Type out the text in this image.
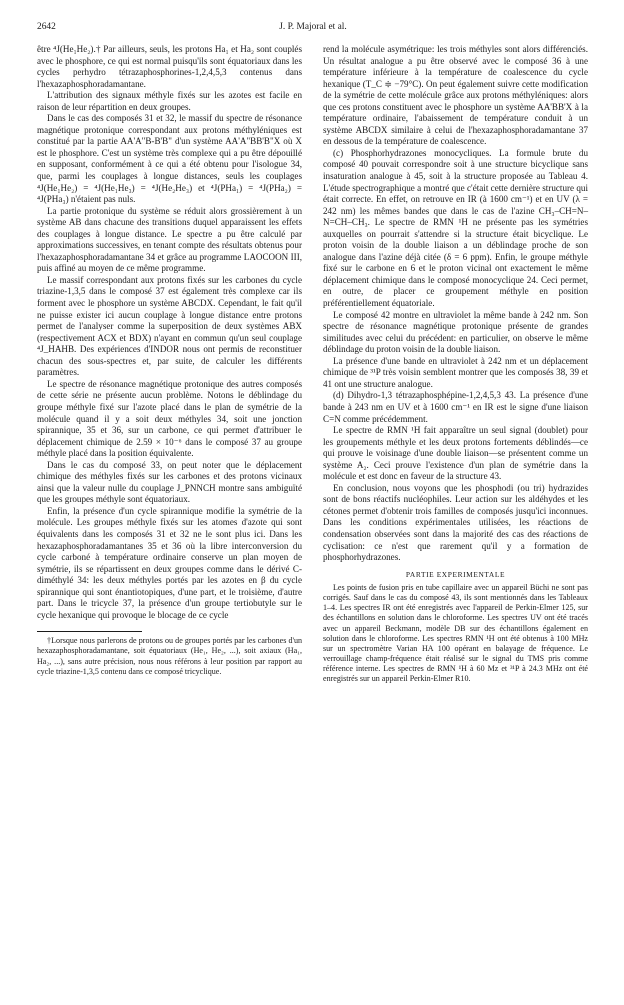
2642	J. P. Majoral et al.

être ⁴J(He₁He₂).† Par ailleurs, seuls, les protons Ha₁ et Ha₂ sont couplés avec le phosphore, ce qui est normal puisqu'ils sont équatoriaux dans les cycles perhydro tétrazaphosphorines-1,2,4,5,3 contenus dans l'hexazaphosphoradamantane.

L'attribution des signaux méthyle fixés sur les azotes est facile en raison de leur répartition en deux groupes.

Dans le cas des composés 31 et 32, le massif du spectre de résonance magnétique protonique correspondant aux protons méthyléniques est constitué par la partie AA'A"B-B'B" d'un système AA'A"BB'B"X où X est le phosphore. C'est un système très complexe qui a pu être dépouillé en supposant, conformément à ce qui a été obtenu pour l'isologue 34, que, parmi les couplages à longue distances, seuls les couplages ⁴J(He₁He₂) = ⁴J(He₁He₃) = ⁴J(He₂He₃) et ⁴J(PHa₁) = ⁴J(PHa₂) = ⁴J(PHa₃) n'étaient pas nuls.

La partie protonique du système se réduit alors grossièrement à un système AB dans chacune des transitions duquel apparaissent les effets des couplages à longue distance. Le spectre a pu être calculé par approximations successives, en tenant compte des résultats obtenus pour l'hexazaphosphoradamantane 34 et grâce au programme LAOCOON III, puis affiné au moyen de ce même programme.

Le massif correspondant aux protons fixés sur les carbones du cycle triazine-1,3,5 dans le composé 37 est également très complexe car ils forment avec le phosphore un système ABCDX. Cependant, le fait qu'il ne puisse exister ici aucun couplage à longue distance entre protons permet de l'analyser comme la superposition de deux systèmes ABX (respectivement ACX et BDX) n'ayant en commun qu'un seul couplage ⁴J_HAHB. Des expériences d'INDOR nous ont permis de reconstituer chacun des sous-spectres et, par suite, de calculer les différents paramètres.

Le spectre de résonance magnétique protonique des autres composés de cette série ne présente aucun problème. Notons le déblindage du groupe méthyle fixé sur l'azote placé dans le plan de symétrie de la molécule quand il y a soit deux méthyles 34, soit une jonction spirannique, 35 et 36, sur un carbone, ce qui permet d'attribuer le déplacement chimique de 2.59 × 10⁻⁶ dans le composé 37 au groupe méthyle placé dans la position équivalente.

Dans le cas du composé 33, on peut noter que le déplacement chimique des méthyles fixés sur les carbones et des protons vicinaux ainsi que la valeur nulle du couplage J_PNNCH montre sans ambiguïté que les groupes méthyle sont équatoriaux.

Enfin, la présence d'un cycle spirannique modifie la symétrie de la molécule. Les groupes méthyle fixés sur les atomes d'azote qui sont équivalents dans les composés 31 et 32 ne le sont plus ici. Dans les hexazaphosphoradamantanes 35 et 36 où la libre interconversion du cycle carboné à température ordinaire conserve un plan moyen de symétrie, ils se répartissent en deux groupes comme dans le dérivé C-diméthylé 34: les deux méthyles portés par les azotes en β du cycle spirannique qui sont énantiotopiques, d'une part, et le troisième, d'autre part. Dans le tricycle 37, la présence d'un groupe tertiobutyle sur le cycle hexanique qui provoque le blocage de ce cycle

†Lorsque nous parlerons de protons ou de groupes portés par les carbones d'un hexazaphosphoradamantane, soit équatoriaux (He₁, He₂, ...), soit axiaux (Ha₁, Ha₂, ...), sans autre précision, nous nous référons à leur position par rapport au cycle triazine-1,3,5 contenu dans ce composé tricyclique.

rend la molécule asymétrique: les trois méthyles sont alors différenciés. Un résultat analogue a pu être observé avec le composé 36 à une température inférieure à la température de coalescence du cycle hexanique (T_C ≑ −79°C). On peut également suivre cette modification de la symétrie de cette molécule grâce aux protons méthyléniques: alors que ces protons constituent avec le phosphore un système AA'BB'X à la température ordinaire, l'abaissement de température conduit à un système ABCDX similaire à celui de l'hexazaphosphoradamantane 37 en dessous de la température de coalescence.

(c) Phosphorhydrazones monocycliques. La formule brute du composé 40 pouvait correspondre soit à une structure bicyclique sans insaturation analogue à 45, soit à la structure proposée au Tableau 4. L'étude spectrographique a montré que c'était cette dernière structure qui était correcte. En effet, on retrouve en IR (à 1600 cm⁻¹) et en UV (λ = 242 nm) les mêmes bandes que dans le cas de l'azine CH₃–CH=N–N=CH–CH₃. Le spectre de RMN ¹H ne présente pas les symétries auxquelles on pourrait s'attendre si la structure était bicyclique. Le proton voisin de la double liaison a un déblindage proche de son analogue dans l'azine déjà citée (δ = 6 ppm). Enfin, le groupe méthyle fixé sur le carbone en 6 et le proton vicinal ont exactement le même déplacement chimique dans le composé monocyclique 24. Ceci permet, en outre, de placer ce groupement méthyle en position préférentiellement équatoriale.

Le composé 42 montre en ultraviolet la même bande à 242 nm. Son spectre de résonance magnétique protonique présente de grandes similitudes avec celui du précédent: en particulier, on observe le même déblindage du proton voisin de la double liaison.

La présence d'une bande en ultraviolet à 242 nm et un déplacement chimique de ³¹P très voisin semblent montrer que les composés 38, 39 et 41 ont une structure analogue.

(d) Dihydro-1,3 tétrazaphosphépine-1,2,4,5,3 43. La présence d'une bande à 243 nm en UV et à 1600 cm⁻¹ en IR est le signe d'une liaison C=N comme précédemment.

Le spectre de RMN ¹H fait apparaître un seul signal (doublet) pour les groupements méthyle et les deux protons fortements déblindés—ce qui prouve le voisinage d'une double liaison—se présentent comme un système A₂. Ceci prouve l'existence d'un plan de symétrie dans la molécule et est donc en faveur de la structure 43.

En conclusion, nous voyons que les phosphodi (ou tri) hydrazides sont de bons réactifs nucléophiles. Leur action sur les aldéhydes et les cétones permet d'obtenir trois familles de composés jusqu'ici inconnues. Dans les conditions expérimentales utilisées, les réactions de condensation observées sont dans la majorité des cas des réactions de cyclisation: ce n'est que rarement qu'il y a formation de phosphorhydrazones.

PARTIE EXPERIMENTALE

Les points de fusion pris en tube capillaire avec un appareil Büchi ne sont pas corrigés. Sauf dans le cas du composé 43, ils sont mentionnés dans les Tableaux 1–4. Les spectres IR ont été enregistrés avec l'appareil de Perkin-Elmer 125, sur des échantillons en solution dans le chloroforme. Les spectres UV ont été tracés avec un appareil Beckmann, modèle DB sur des échantillons également en solution dans le chloroforme. Les spectres RMN ¹H ont été obtenus à 100 MHz sur un spectromètre Varian HA 100 opérant en balayage de fréquence. Le verrouillage champ-fréquence était réalisé sur le signal du TMS pris comme référence interne. Les spectres de RMN ¹H à 60 Mz et ³¹P à 24.3 MHz ont été enregistrés sur un appareil Perkin-Elmer R10.
